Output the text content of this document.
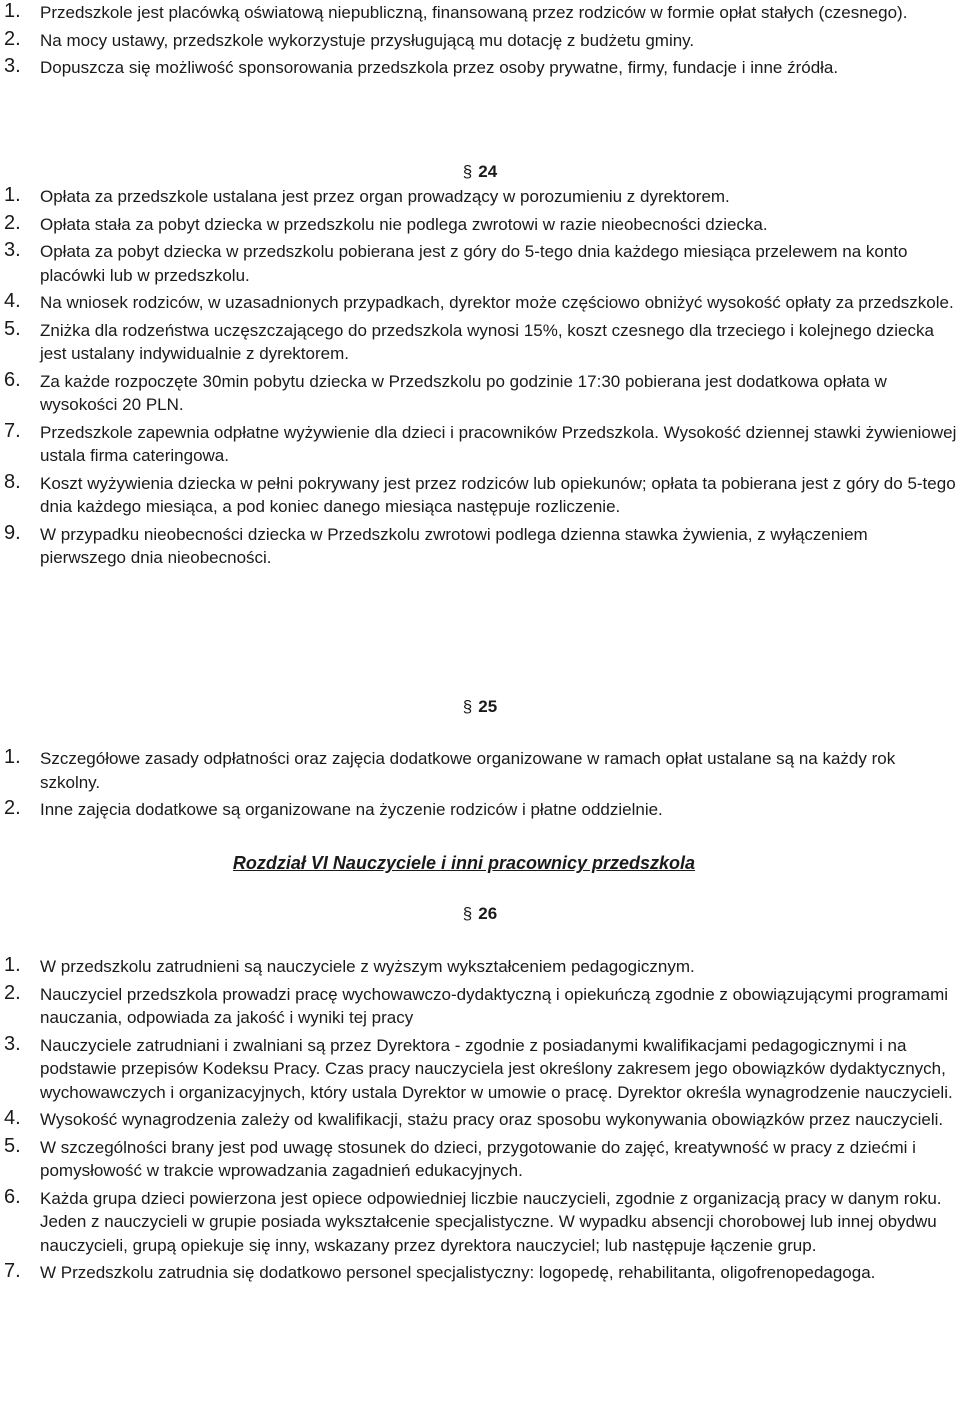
1. Przedszkole jest placówką oświatową niepubliczną, finansowaną przez rodziców w formie opłat stałych (czesnego).
2. Na mocy ustawy, przedszkole wykorzystuje przysługującą mu dotację z budżetu gminy.
3. Dopuszcza się możliwość sponsorowania przedszkola przez osoby prywatne, firmy, fundacje i inne źródła.
§ 24
1. Opłata za przedszkole ustalana jest przez organ prowadzący w porozumieniu z dyrektorem.
2. Opłata stała za pobyt dziecka w przedszkolu nie podlega zwrotowi w razie nieobecności dziecka.
3. Opłata za pobyt dziecka w przedszkolu pobierana jest z góry do 5-tego dnia każdego miesiąca przelewem na konto placówki lub w przedszkolu.
4. Na wniosek rodziców, w uzasadnionych przypadkach, dyrektor może częściowo obniżyć wysokość opłaty za przedszkole.
5. Zniżka dla rodzeństwa uczęszczającego do przedszkola wynosi 15%, koszt czesnego dla trzeciego i kolejnego dziecka jest ustalany indywidualnie z dyrektorem.
6. Za każde rozpoczęte 30min pobytu dziecka w Przedszkolu po godzinie 17:30 pobierana jest dodatkowa opłata w wysokości 20 PLN.
7. Przedszkole zapewnia odpłatne wyżywienie dla dzieci i pracowników Przedszkola. Wysokość dziennej stawki żywieniowej ustala firma cateringowa.
8. Koszt wyżywienia dziecka w pełni pokrywany jest przez rodziców lub opiekunów; opłata ta pobierana jest z góry do 5-tego dnia każdego miesiąca, a pod koniec danego miesiąca następuje rozliczenie.
9. W przypadku nieobecności dziecka w Przedszkolu zwrotowi podlega dzienna stawka żywienia, z wyłączeniem pierwszego dnia nieobecności.
§ 25
1. Szczegółowe zasady odpłatności oraz zajęcia dodatkowe organizowane w ramach opłat ustalane są na każdy rok szkolny.
2. Inne zajęcia dodatkowe są organizowane na życzenie rodziców i płatne oddzielnie.
Rozdział VI Nauczyciele i inni pracownicy przedszkola
§ 26
1. W przedszkolu zatrudnieni są nauczyciele z wyższym wykształceniem pedagogicznym.
2. Nauczyciel przedszkola prowadzi pracę wychowawczo-dydaktyczną i opiekuńczą zgodnie z obowiązującymi programami nauczania, odpowiada za jakość i wyniki tej pracy
3. Nauczyciele zatrudniani i zwalniani są przez Dyrektora - zgodnie z posiadanymi kwalifikacjami pedagogicznymi i na podstawie przepisów Kodeksu Pracy. Czas pracy nauczyciela jest określony zakresem jego obowiązków dydaktycznych, wychowawczych i organizacyjnych, który ustala Dyrektor w umowie o pracę. Dyrektor określa wynagrodzenie nauczycieli.
4. Wysokość wynagrodzenia zależy od kwalifikacji, stażu pracy oraz sposobu wykonywania obowiązków przez nauczycieli.
5. W szczególności brany jest pod uwagę stosunek do dzieci, przygotowanie do zajęć, kreatywność w pracy z dziećmi i pomysłowość w trakcie wprowadzania zagadnień edukacyjnych.
6. Każda grupa dzieci powierzona jest opiece odpowiedniej liczbie nauczycieli, zgodnie z organizacją pracy w danym roku. Jeden z nauczycieli w grupie posiada wykształcenie specjalistyczne. W wypadku absencji chorobowej lub innej obydwu nauczycieli, grupą opiekuje się inny, wskazany przez dyrektora nauczyciel; lub następuje łączenie grup.
7. W Przedszkolu zatrudnia się dodatkowo personel specjalistyczny: logopedę, rehabilitanta, oligofrenopedagoga.
